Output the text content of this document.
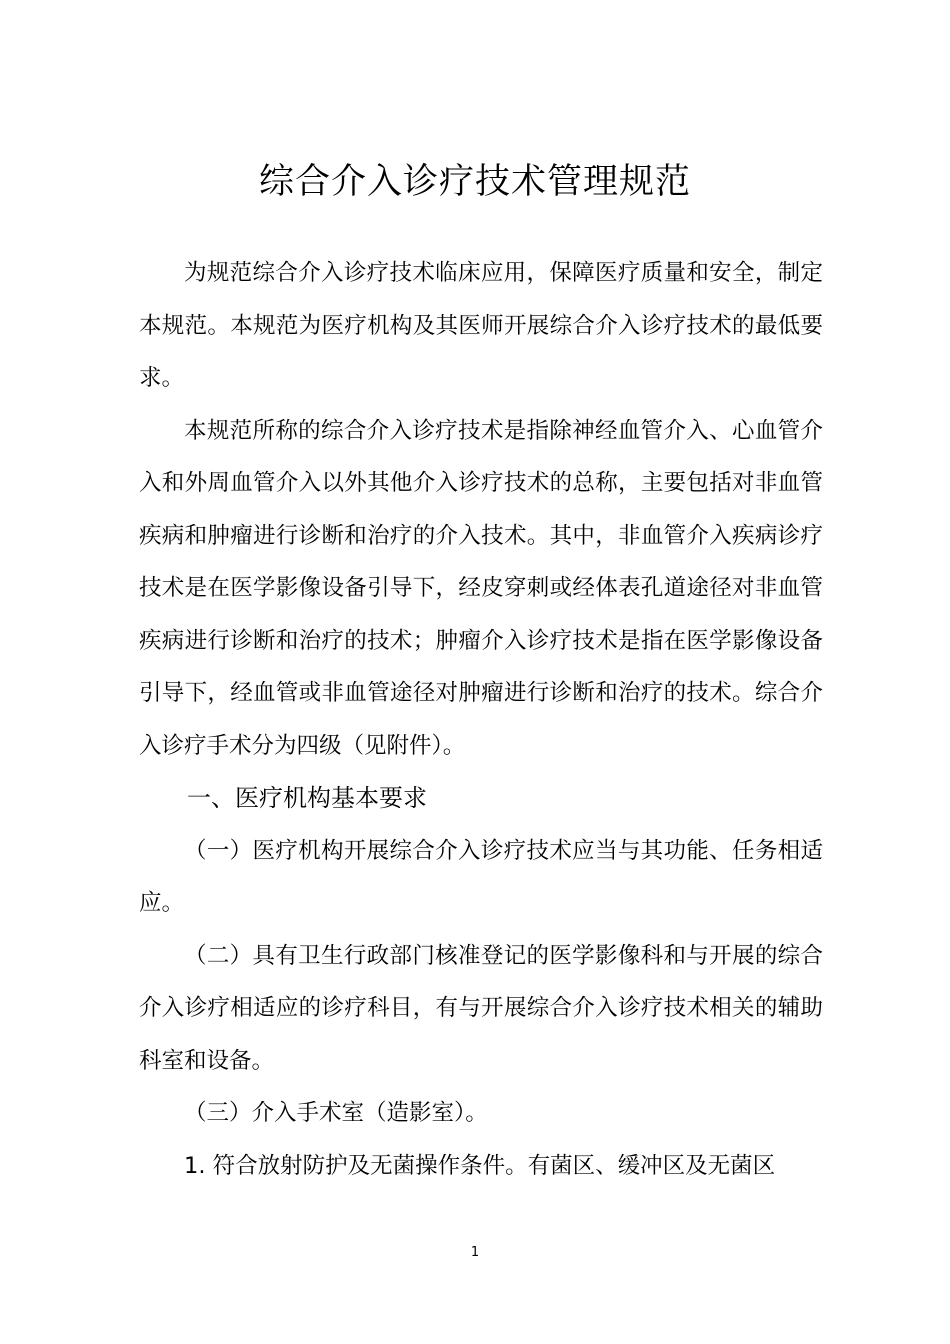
综合介入诊疗技术管理规范

为规范综合介入诊疗技术临床应用，保障医疗质量和安全，制定本规范。本规范为医疗机构及其医师开展综合介入诊疗技术的最低要求。

本规范所称的综合介入诊疗技术是指除神经血管介入、心血管介入和外周血管介入以外其他介入诊疗技术的总称，主要包括对非血管疾病和肿瘤进行诊断和治疗的介入技术。其中，非血管介入疾病诊疗技术是在医学影像设备引导下，经皮穿刺或经体表孔道途径对非血管疾病进行诊断和治疗的技术；肿瘤介入诊疗技术是指在医学影像设备引导下，经血管或非血管途径对肿瘤进行诊断和治疗的技术。综合介入诊疗手术分为四级（见附件）。

一、医疗机构基本要求

（一）医疗机构开展综合介入诊疗技术应当与其功能、任务相适应。

（二）具有卫生行政部门核准登记的医学影像科和与开展的综合介入诊疗相适应的诊疗科目，有与开展综合介入诊疗技术相关的辅助科室和设备。

（三）介入手术室（造影室）。

1. 符合放射防护及无菌操作条件。有菌区、缓冲区及无菌区

1
